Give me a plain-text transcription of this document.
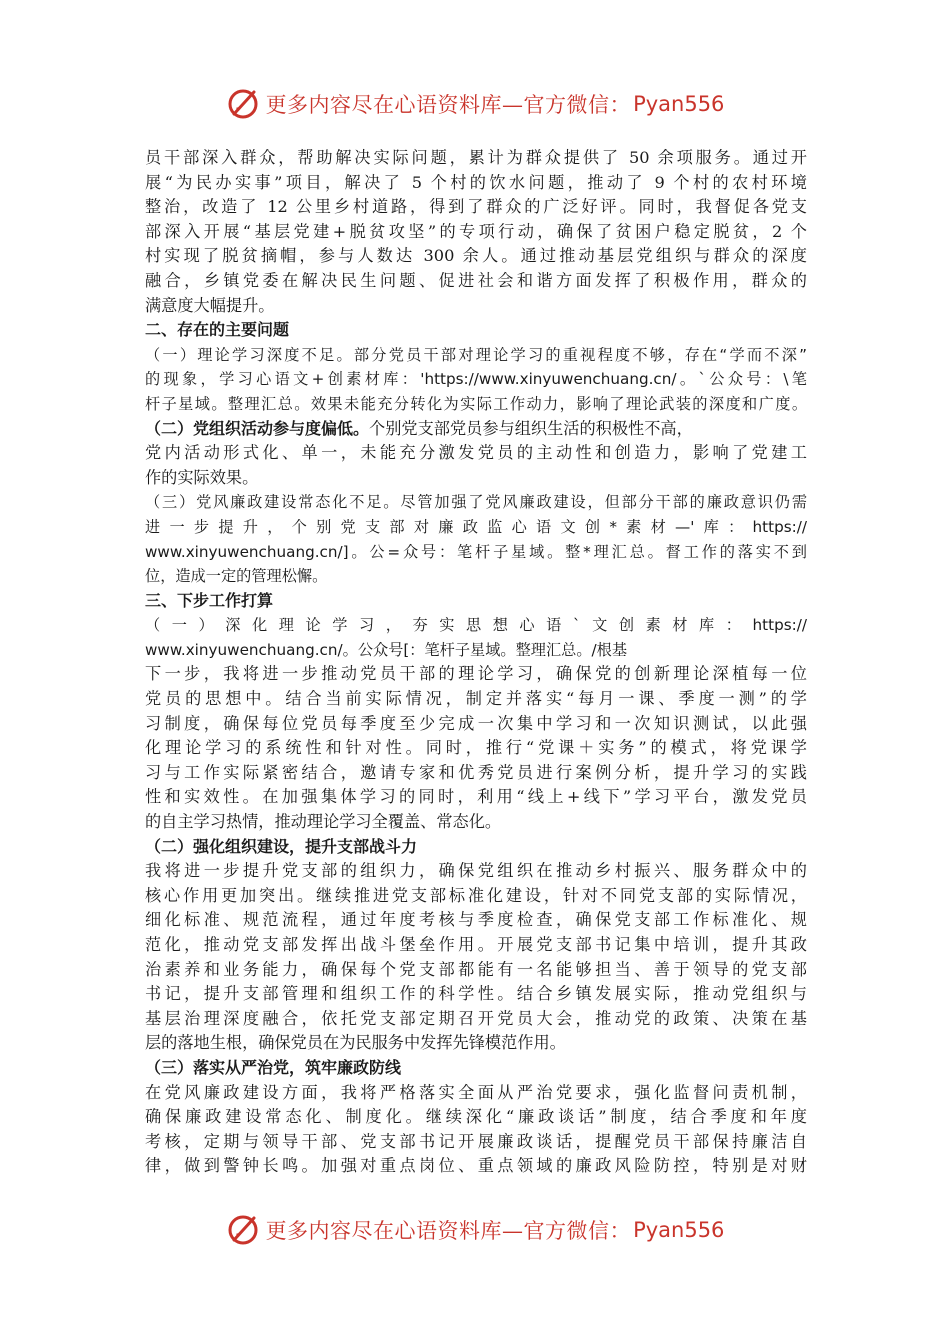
更多内容尽在心语资料库—官方微信： Pyan556
员干部深入群众，帮助解决实际问题，累计为群众提供了 50 余项服务。通过开
展“为民办实事”项目，解决了 5 个村的饮水问题，推动了 9 个村的农村环境
整治，改造了 12 公里乡村道路，得到了群众的广泛好评。同时，我督促各党支
部深入开展“基层党建+脱贫攻坚”的专项行动，确保了贫困户稳定脱贫，2 个
村实现了脱贫摘帽，参与人数达 300 余人。通过推动基层党组织与群众的深度
融合，乡镇党委在解决民生问题、促进社会和谐方面发挥了积极作用，群众的
满意度大幅提升。
二、存在的主要问题
（一）理论学习深度不足。部分党员干部对理论学习的重视程度不够，存在“学而不深”
的现象，学习心语文+创素材库：'https://www.xinyuwenchuang.cn/。`公众号：\笔
杆子星域。整理汇总。效果未能充分转化为实际工作动力，影响了理论武装的深度和广度。
（二）党组织活动参与度偏低。个别党支部党员参与组织生活的积极性不高，
党内活动形式化、单一，未能充分激发党员的主动性和创造力，影响了党建工
作的实际效果。
（三）党风廉政建设常态化不足。尽管加强了党风廉政建设，但部分干部的廉政意识仍需
进一步提升，个别党支部对廉政监心语文创*素材—'库：https://
www.xinyuwenchuang.cn/]。公=众号：笔杆子星域。整*理汇总。督工作的落实不到
位，造成一定的管理松懈。
三、下步工作打算
（一）深化理论学习，夯实思想心语`文创素材库：https://
www.xinyuwenchuang.cn/。公众号[：笔杆子星域。整理汇总。/根基
下一步，我将进一步推动党员干部的理论学习，确保党的创新理论深植每一位
党员的思想中。结合当前实际情况，制定并落实“每月一课、季度一测”的学
习制度，确保每位党员每季度至少完成一次集中学习和一次知识测试，以此强
化理论学习的系统性和针对性。同时，推行“党课＋实务”的模式，将党课学
习与工作实际紧密结合，邀请专家和优秀党员进行案例分析，提升学习的实践
性和实效性。在加强集体学习的同时，利用“线上+线下”学习平台，激发党员
的自主学习热情，推动理论学习全覆盖、常态化。
（二）强化组织建设，提升支部战斗力
我将进一步提升党支部的组织力，确保党组织在推动乡村振兴、服务群众中的
核心作用更加突出。继续推进党支部标准化建设，针对不同党支部的实际情况，
细化标准、规范流程，通过年度考核与季度检查，确保党支部工作标准化、规
范化，推动党支部发挥出战斗堡垒作用。开展党支部书记集中培训，提升其政
治素养和业务能力，确保每个党支部都能有一名能够担当、善于领导的党支部
书记，提升支部管理和组织工作的科学性。结合乡镇发展实际，推动党组织与
基层治理深度融合，依托党支部定期召开党员大会，推动党的政策、决策在基
层的落地生根，确保党员在为民服务中发挥先锋模范作用。
（三）落实从严治党，筑牢廉政防线
在党风廉政建设方面，我将严格落实全面从严治党要求，强化监督问责机制，
确保廉政建设常态化、制度化。继续深化“廉政谈话”制度，结合季度和年度
考核，定期与领导干部、党支部书记开展廉政谈话，提醒党员干部保持廉洁自
律，做到警钟长鸣。加强对重点岗位、重点领域的廉政风险防控，特别是对财
更多内容尽在心语资料库—官方微信： Pyan556
